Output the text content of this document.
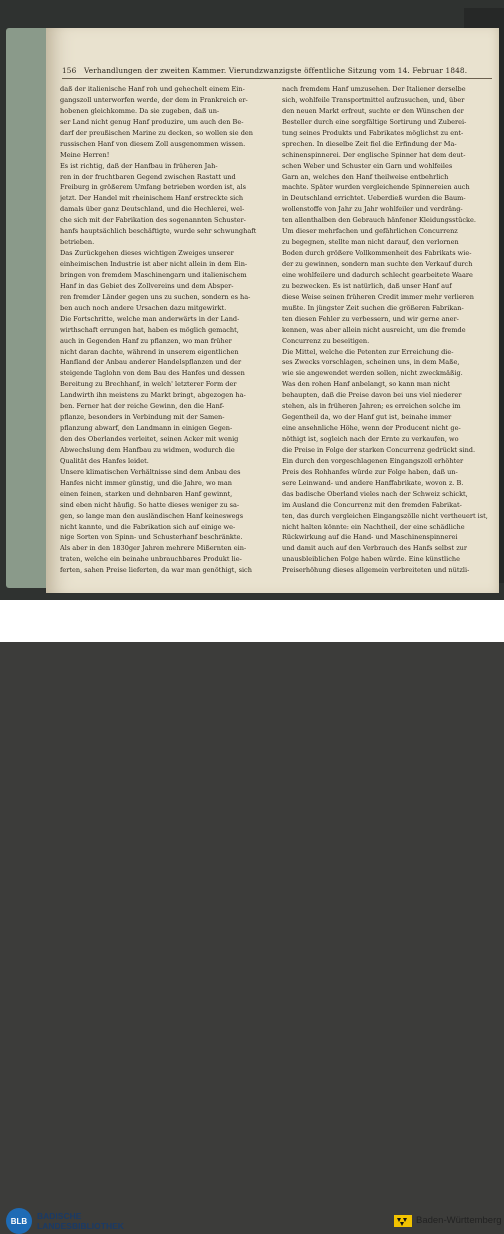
156 Verhandlungen der zweiten Kammer. Vierundzwanzigste öffentliche Sitzung vom 14. Februar 1848.
daß der italienische Hanf roh und gehechelt einem Ein-
gangszoll unterworfen werde, der dem in Frankreich er-
hobenen gleichkomme. Da sie zugeben, daß un-
ser Land nicht genug Hanf produzire, um auch den Be-
darf der preußischen Marine zu decken, so wollen sie den
russischen Hanf von diesem Zoll ausgenommen wissen.
Meine Herren!
Es ist richtig, daß der Hanfbau in früheren Jah-
ren in der fruchtbaren Gegend zwischen Rastatt und
Freiburg in größerem Umfang betrieben worden ist, als
jetzt. Der Handel mit rheinischem Hanf erstreckte sich
damals über ganz Deutschland, und die Hechlerei, wel-
che sich mit der Fabrikation des sogenannten Schuster-
hanfs hauptsächlich beschäftigte, wurde sehr schwunghaft
betrieben.
Das Zurückgehen dieses wichtigen Zweiges unserer
einheimischen Industrie ist aber nicht allein in dem Ein-
bringen von fremdem Maschinengarn und italienischem
Hanf in das Gebiet des Zollvereins und dem Absper-
ren fremder Länder gegen uns zu suchen, sondern es ha-
ben auch noch andere Ursachen dazu mitgewirkt.
Die Fortschritte, welche man anderwärts in der Land-
wirthschaft errungen hat, haben es möglich gemacht,
auch in Gegenden Hanf zu pflanzen, wo man früher
nicht daran dachte, während in unserem eigentlichen
Hanfland der Anbau anderer Handelspflanzen und der
steigende Taglohn von dem Bau des Hanfes und dessen
Bereitung zu Brechhanf, in welch' letzterer Form der
Landwirth ihn meistens zu Markt bringt, abgezogen ha-
ben. Ferner hat der reiche Gewinn, den die Hanf-
pflanze, besonders in Verbindung mit der Samen-
pflanzung abwarf, den Landmann in einigen Gegen-
den des Oberlandes verleitet, seinen Acker mit wenig
Abwechslung dem Hanfbau zu widmen, wodurch die
Qualität des Hanfes leidet.
Unsere klimatischen Verhältnisse sind dem Anbau des
Hanfes nicht immer günstig, und die Jahre, wo man
einen feinen, starken und dehnbaren Hanf gewinnt,
sind eben nicht häufig. So hatte dieses weniger zu sa-
gen, so lange man den ausländischen Hanf keineswegs
nicht kannte, und die Fabrikation sich auf einige we-
nige Sorten von Spinn- und Schusterhanf beschränkte.
Als aber in den 1830ger Jahren mehrere Mißernten ein-
traten, welche ein beinahe unbrauchbares Produkt lie-
ferten, sahen Preise lieferten, da war man genöthigt, sich
nach fremdem Hanf umzusehen. Der Italiener derselbe
sich, wohlfeile Transportmittel aufzusuchen, und, über
den neuen Markt erfreut, suchte er den Wünschen der
Besteller durch eine sorgfältige Sortirung und Zuberei-
tung seines Produkts und Fabrikates möglichst zu ent-
sprechen. In dieselbe Zeit fiel die Erfindung der Ma-
schinenspinnerei. Der englische Spinner hat dem deut-
schen Weber und Schuster ein Garn und wohlfeiles
Garn an, welches den Hanf theilweise entbehrlich
machte. Später wurden vergleichende Spinnereien auch
in Deutschland errichtet. Ueberdieß wurden die Baum-
wollenstoffe von Jahr zu Jahr wohlfeiler und verdräng-
ten allenthalben den Gebrauch hänfener Kleidungsstücke.
Um dieser mehrfachen und gefährlichen Concurrenz
zu begegnen, stellte man nicht darauf, den verlornen
Boden durch größere Vollkommenheit des Fabrikats wie-
der zu gewinnen, sondern man suchte den Verkauf durch
eine wohlfeilere und dadurch schlecht gearbeitete Waare
zu bezwecken. Es ist natürlich, daß unser Hanf auf
diese Weise seinen früheren Credit immer mehr verlieren
mußte. In jüngster Zeit suchen die größeren Fabrikan-
ten diesen Fehler zu verbessern, und wir gerne aner-
kennen, was aber allein nicht ausreicht, um die fremde
Concurrenz zu beseitigen.
Die Mittel, welche die Petenten zur Erreichung die-
ses Zwecks vorschlagen, scheinen uns, in dem Maße,
wie sie angewendet werden sollen, nicht zweckmäßig.
Was den rohen Hanf anbelangt, so kann man nicht
behaupten, daß die Preise davon bei uns viel niederer
stehen, als in früheren Jahren; es erreichen solche im
Gegentheil da, wo der Hanf gut ist, beinahe immer
eine ansehnliche Höhe, wenn der Producent nicht ge-
nöthigt ist, sogleich nach der Ernte zu verkaufen, wo
die Preise in Folge der starken Concurrenz gedrückt sind.
Ein durch den vorgeschlagenen Eingangszoll erhöhter
Preis des Rohhanfes würde zur Folge haben, daß un-
sere Leinwand- und andere Hanffabrikate, wovon z. B.
das badische Oberland vieles nach der Schweiz schickt,
im Ausland die Concurrenz mit den fremden Fabrikat-
ten, das durch vergleichen Eingangszölle nicht vertheuert ist,
nicht halten könnte: ein Nachtheil, der eine schädliche
Rückwirkung auf die Hand- und Maschinenspinnerei
und damit auch auf den Verbrauch des Hanfs selbst zur
unausbleiblichen Folge haben würde. Eine künstliche
Preiserhöhung dieses allgemein verbreiteten und nützli-
BLB	BADISCHE
LANDESBIBLIOTHEK	Baden-Württemberg
